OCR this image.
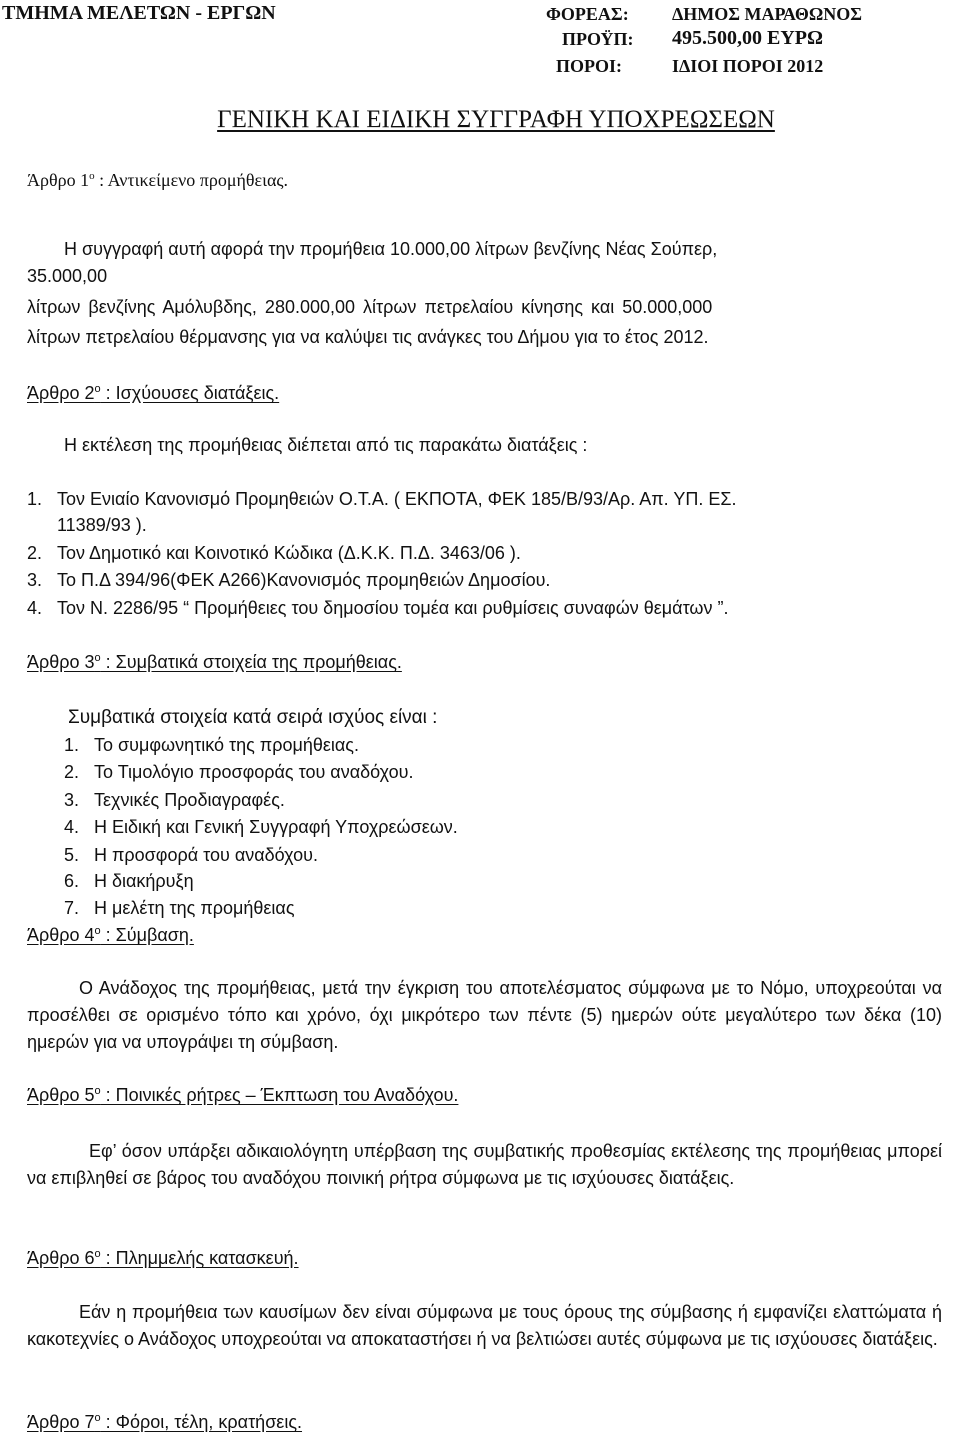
ΤΜΗΜΑ ΜΕΛΕΤΩΝ - ΕΡΓΩΝ	ΦΟΡΕΑΣ: ΔΗΜΟΣ ΜΑΡΑΘΩΝΟΣ
ΠΡΟΫΠ: 495.500,00 ΕΥΡΩ
ΠΟΡΟΙ:	ΙΔΙΟΙ ΠΟΡΟΙ 2012
ΓΕΝΙΚΗ ΚΑΙ ΕΙΔΙΚΗ ΣΥΓΓΡΑΦΗ ΥΠΟΧΡΕΩΣΕΩΝ
Άρθρο $1^o$ : Αντικείμενο προμήθειας.
Η συγγραφή αυτή αφορά την προμήθεια 10.000,00 λίτρων βενζίνης Νέας Σούπερ,
35.000,00
λίτρων βενζίνης Αμόλυβδης, 280.000,00 λίτρων πετρελαίου κίνησης και 50.000,000
λίτρων πετρελαίου θέρμανσης για να καλύψει τις ανάγκες του Δήμου για το έτος 2012.
Άρθρο $2^o$ : Ισχύουσες διατάξεις.
Η εκτέλεση της προμήθειας διέπεται από τις παρακάτω διατάξεις :
1. Τον Ενιαίο Κανονισμό Προμηθειών Ο.Τ.Α. ( ΕΚΠΟΤΑ, ΦΕΚ 185/Β/93/Αρ. Απ. ΥΠ. ΕΣ.
11389/93 ).
2. Τον Δημοτικό και Κοινοτικό Κώδικα (Δ.Κ.Κ. Π.Δ. 3463/06 ).
3. Το Π.Δ 394/96(ΦΕΚ Α266)Κανονισμός προμηθειών Δημοσίου.
4. Τον Ν. 2286/95 “ Προμήθειες του δημοσίου τομέα και ρυθμίσεις συναφών θεμάτων ”.
Άρθρο $3^o$ : Συμβατικά στοιχεία της προμήθειας.
Συμβατικά στοιχεία κατά σειρά ισχύος είναι :
1. Το συμφωνητικό της προμήθειας.
2. Το Τιμολόγιο προσφοράς του αναδόχου.
3. Τεχνικές Προδιαγραφές.
4. Η Ειδική και Γενική Συγγραφή Υποχρεώσεων.
5. Η προσφορά του αναδόχου.
6. Η διακήρυξη
7. Η μελέτη της προμήθειας
Άρθρο $4^o$ : Σύμβαση.
Ο Ανάδοχος της προμήθειας, μετά την έγκριση του αποτελέσματος σύμφωνα με το Νόμο, υποχρεούται να προσέλθει σε ορισμένο τόπο και χρόνο, όχι μικρότερο των πέντε (5) ημερών ούτε μεγαλύτερο των δέκα (10) ημερών για να υπογράψει τη σύμβαση.
Άρθρο $5^o$ : Ποινικές ρήτρες – Έκπτωση του Αναδόχου.
Εφ’ όσον υπάρξει αδικαιολόγητη υπέρβαση της συμβατικής προθεσμίας εκτέλεσης της προμήθειας μπορεί να επιβληθεί σε βάρος του αναδόχου ποινική ρήτρα σύμφωνα με τις ισχύουσες διατάξεις.
Άρθρο $6^o$ : Πλημμελής κατασκευή.
Εάν η προμήθεια των καυσίμων δεν είναι σύμφωνα με τους όρους της σύμβασης ή εμφανίζει ελαττώματα ή κακοτεχνίες ο Ανάδοχος υποχρεούται να αποκαταστήσει ή να βελτιώσει αυτές σύμφωνα με τις ισχύουσες διατάξεις.
Άρθρο $7^o$ : Φόροι, τέλη, κρατήσεις.
